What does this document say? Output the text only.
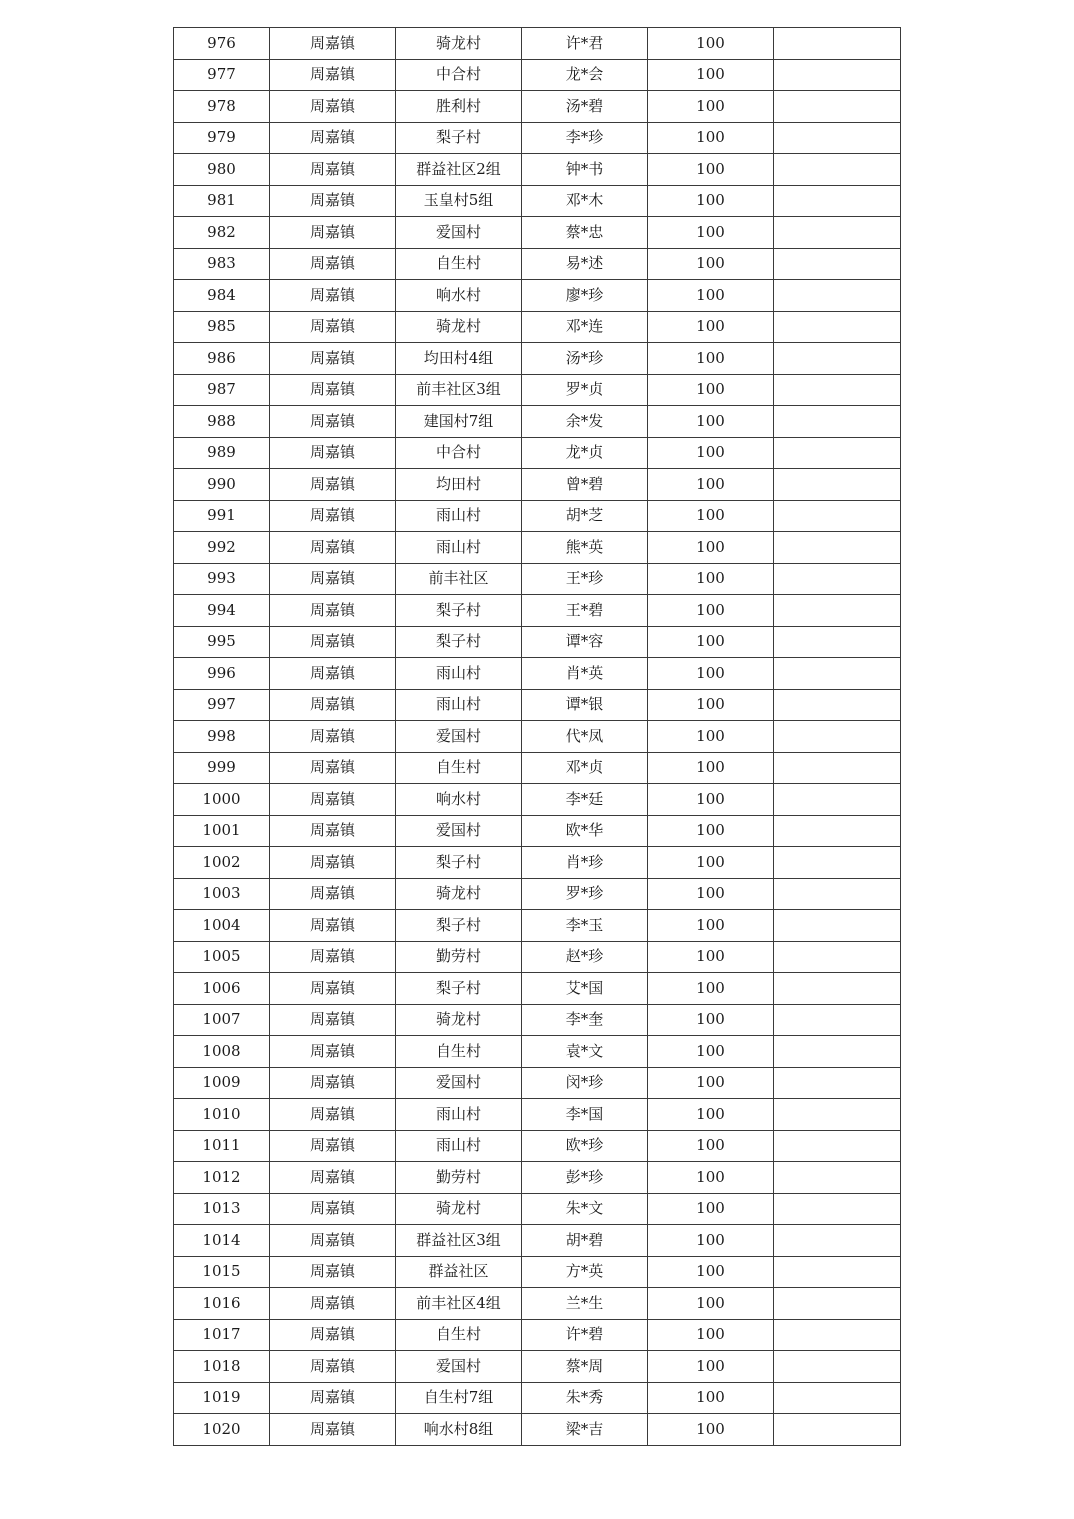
976	周嘉镇	骑龙村	许*君	100	
977	周嘉镇	中合村	龙*会	100	
978	周嘉镇	胜利村	汤*碧	100	
979	周嘉镇	梨子村	李*珍	100	
980	周嘉镇	群益社区2组	钟*书	100	
981	周嘉镇	玉皇村5组	邓*木	100	
982	周嘉镇	爱国村	蔡*忠	100	
983	周嘉镇	自生村	易*述	100	
984	周嘉镇	响水村	廖*珍	100	
985	周嘉镇	骑龙村	邓*连	100	
986	周嘉镇	均田村4组	汤*珍	100	
987	周嘉镇	前丰社区3组	罗*贞	100	
988	周嘉镇	建国村7组	余*发	100	
989	周嘉镇	中合村	龙*贞	100	
990	周嘉镇	均田村	曾*碧	100	
991	周嘉镇	雨山村	胡*芝	100	
992	周嘉镇	雨山村	熊*英	100	
993	周嘉镇	前丰社区	王*珍	100	
994	周嘉镇	梨子村	王*碧	100	
995	周嘉镇	梨子村	谭*容	100	
996	周嘉镇	雨山村	肖*英	100	
997	周嘉镇	雨山村	谭*银	100	
998	周嘉镇	爱国村	代*凤	100	
999	周嘉镇	自生村	邓*贞	100	
1000	周嘉镇	响水村	李*廷	100	
1001	周嘉镇	爱国村	欧*华	100	
1002	周嘉镇	梨子村	肖*珍	100	
1003	周嘉镇	骑龙村	罗*珍	100	
1004	周嘉镇	梨子村	李*玉	100	
1005	周嘉镇	勤劳村	赵*珍	100	
1006	周嘉镇	梨子村	艾*国	100	
1007	周嘉镇	骑龙村	李*奎	100	
1008	周嘉镇	自生村	袁*文	100	
1009	周嘉镇	爱国村	闵*珍	100	
1010	周嘉镇	雨山村	李*国	100	
1011	周嘉镇	雨山村	欧*珍	100	
1012	周嘉镇	勤劳村	彭*珍	100	
1013	周嘉镇	骑龙村	朱*文	100	
1014	周嘉镇	群益社区3组	胡*碧	100	
1015	周嘉镇	群益社区	方*英	100	
1016	周嘉镇	前丰社区4组	兰*生	100	
1017	周嘉镇	自生村	许*碧	100	
1018	周嘉镇	爱国村	蔡*周	100	
1019	周嘉镇	自生村7组	朱*秀	100	
1020	周嘉镇	响水村8组	梁*吉	100	
